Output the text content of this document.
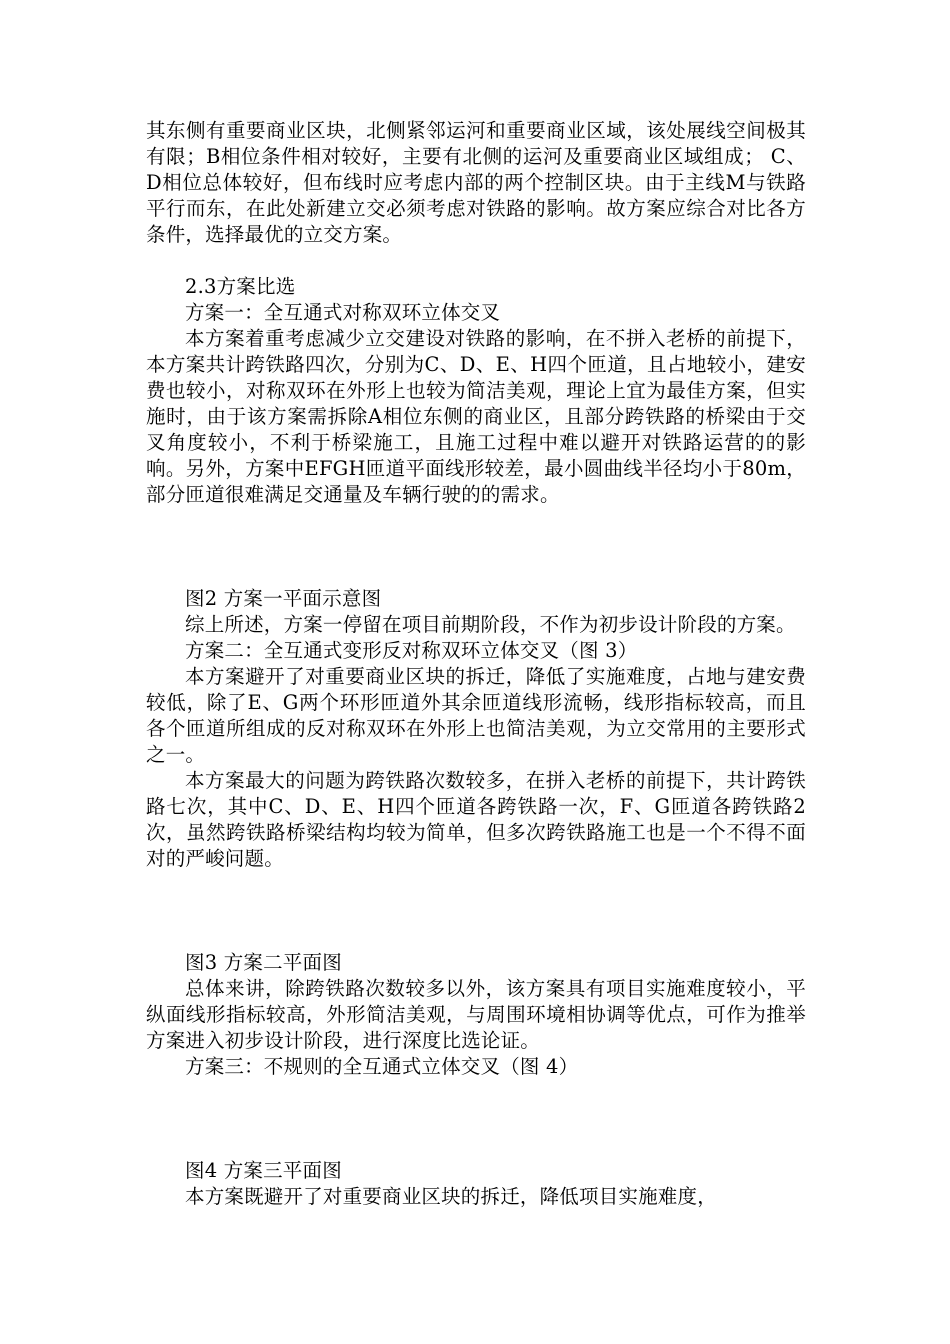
其东侧有重要商业区块，北侧紧邻运河和重要商业区域，该处展线空间极其有限；B相位条件相对较好，主要有北侧的运河及重要商业区域组成； C、D相位总体较好，但布线时应考虑内部的两个控制区块。由于主线M与铁路平行而东，在此处新建立交必须考虑对铁路的影响。故方案应综合对比各方条件，选择最优的立交方案。

2.3方案比选

方案一：全互通式对称双环立体交叉

本方案着重考虑减少立交建设对铁路的影响，在不拼入老桥的前提下，本方案共计跨铁路四次，分别为C、D、E、H四个匝道，且占地较小，建安费也较小，对称双环在外形上也较为简洁美观，理论上宜为最佳方案，但实施时，由于该方案需拆除A相位东侧的商业区，且部分跨铁路的桥梁由于交叉角度较小，不利于桥梁施工，且施工过程中难以避开对铁路运营的的影响。另外，方案中EFGH匝道平面线形较差，最小圆曲线半径均小于80m，部分匝道很难满足交通量及车辆行驶的的需求。

图2 方案一平面示意图

综上所述，方案一停留在项目前期阶段，不作为初步设计阶段的方案。

方案二：全互通式变形反对称双环立体交叉（图 3）

本方案避开了对重要商业区块的拆迁，降低了实施难度，占地与建安费较低，除了E、G两个环形匝道外其余匝道线形流畅，线形指标较高，而且各个匝道所组成的反对称双环在外形上也简洁美观，为立交常用的主要形式之一。

本方案最大的问题为跨铁路次数较多，在拼入老桥的前提下，共计跨铁路七次，其中C、D、E、H四个匝道各跨铁路一次，F、G匝道各跨铁路2次，虽然跨铁路桥梁结构均较为简单，但多次跨铁路施工也是一个不得不面对的严峻问题。

图3 方案二平面图

总体来讲，除跨铁路次数较多以外，该方案具有项目实施难度较小，平纵面线形指标较高，外形简洁美观，与周围环境相协调等优点，可作为推举方案进入初步设计阶段，进行深度比选论证。

方案三：不规则的全互通式立体交叉（图 4）

图4 方案三平面图

本方案既避开了对重要商业区块的拆迁，降低项目实施难度，
